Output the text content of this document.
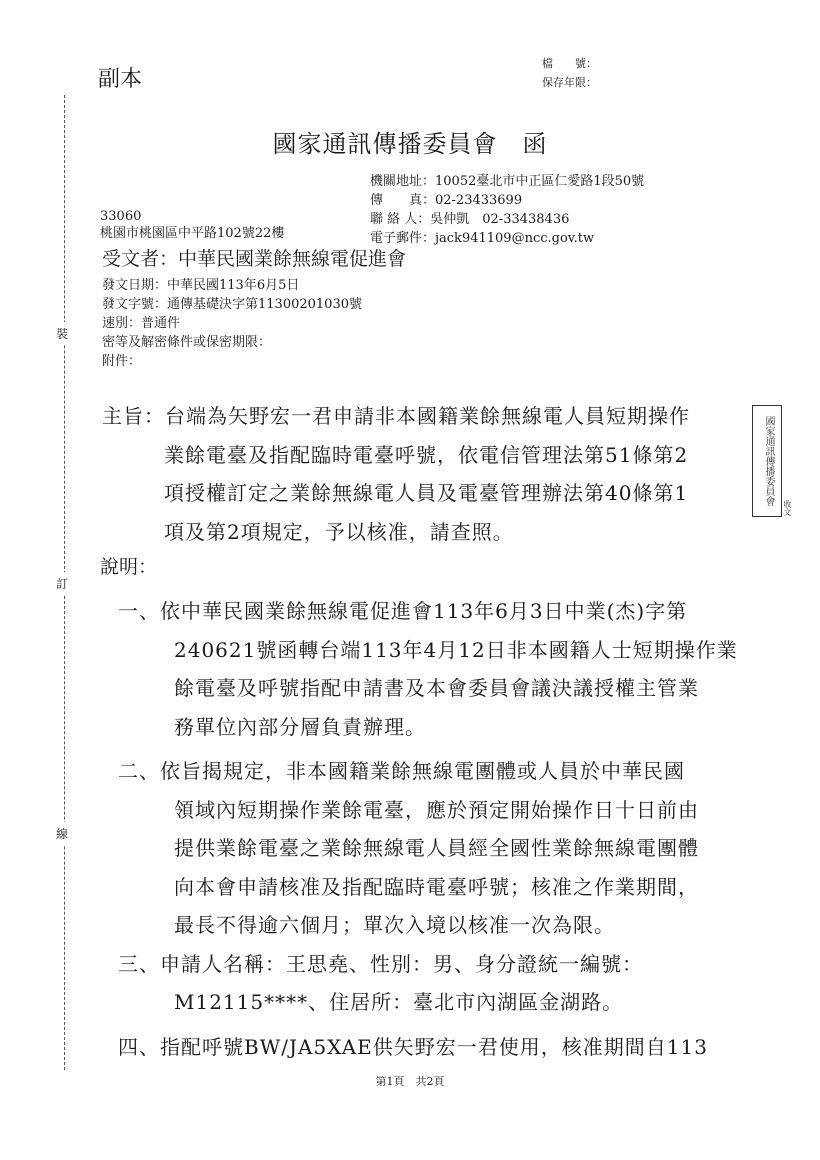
副本
檔　　號：
保存年限：
國家通訊傳播委員會　函
機關地址：10052臺北市中正區仁愛路1段50號
傳　　真：02-23433699
聯 絡 人：吳仲凱　02-33438436
電子郵件：jack941109@ncc.gov.tw
33060
桃園市桃園區中平路102號22樓
受文者：中華民國業餘無線電促進會
發文日期：中華民國113年6月5日
發文字號：通傳基礎決字第11300201030號
速別：普通件
密等及解密條件或保密期限：
附件：
主旨：台端為矢野宏一君申請非本國籍業餘無線電人員短期操作
業餘電臺及指配臨時電臺呼號，依電信管理法第51條第2
項授權訂定之業餘無線電人員及電臺管理辦法第40條第1
項及第2項規定，予以核准，請查照。
說明：
一、依中華民國業餘無線電促進會113年6月3日中業(杰)字第
240621號函轉台端113年4月12日非本國籍人士短期操作業
餘電臺及呼號指配申請書及本會委員會議決議授權主管業
務單位內部分層負責辦理。
二、依旨揭規定，非本國籍業餘無線電團體或人員於中華民國
領域內短期操作業餘電臺，應於預定開始操作日十日前由
提供業餘電臺之業餘無線電人員經全國性業餘無線電團體
向本會申請核准及指配臨時電臺呼號；核准之作業期間，
最長不得逾六個月；單次入境以核准一次為限。
三、申請人名稱：王思堯、性別：男、身分證統一編號：
M12115****、住居所：臺北市內湖區金湖路。
四、指配呼號BW/JA5XAE供矢野宏一君使用，核准期間自113
第1頁　共2頁
裝
訂
線
國家通訊傳播委員會
收文
